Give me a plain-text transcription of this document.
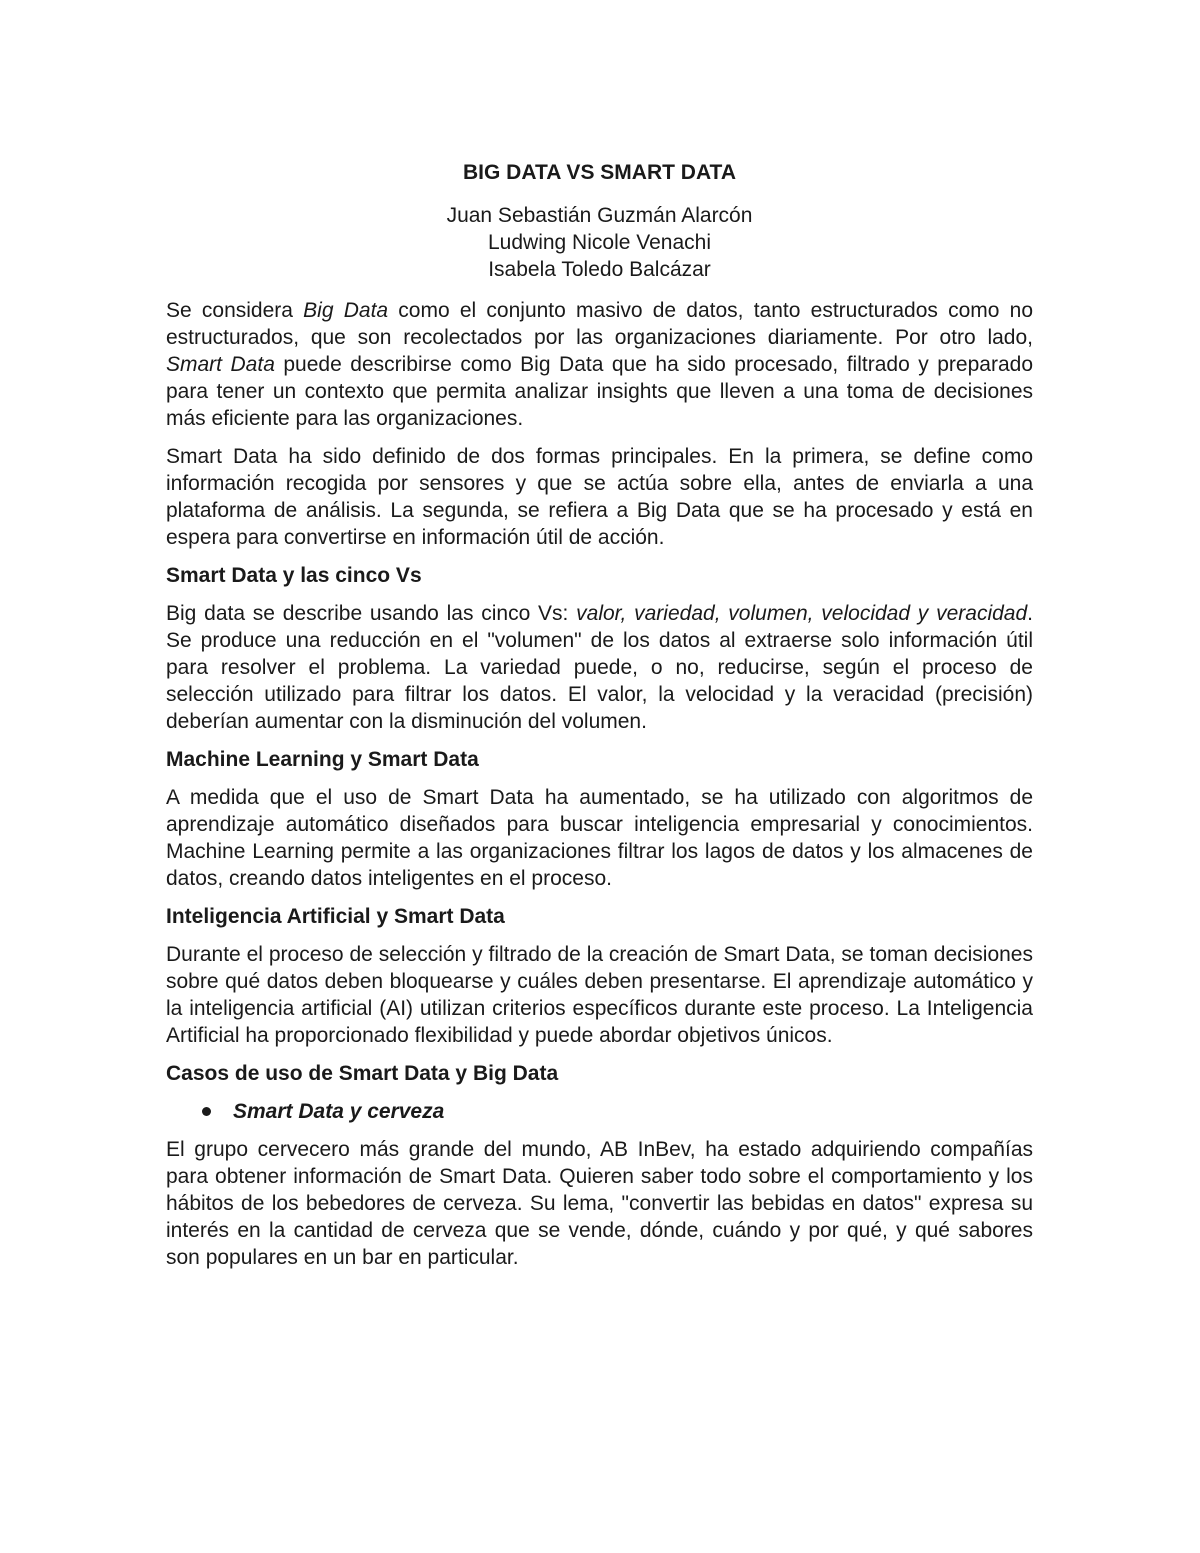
BIG DATA VS SMART DATA
Juan Sebastián Guzmán Alarcón
Ludwing Nicole Venachi
Isabela Toledo Balcázar

Se considera Big Data como el conjunto masivo de datos, tanto estructurados como no estructurados, que son recolectados por las organizaciones diariamente. Por otro lado, Smart Data puede describirse como Big Data que ha sido procesado, filtrado y preparado para tener un contexto que permita analizar insights que lleven a una toma de decisiones más eficiente para las organizaciones.

Smart Data ha sido definido de dos formas principales. En la primera, se define como información recogida por sensores y que se actúa sobre ella, antes de enviarla a una plataforma de análisis. La segunda, se refiera a Big Data que se ha procesado y está en espera para convertirse en información útil de acción.

Smart Data y las cinco Vs

Big data se describe usando las cinco Vs: valor, variedad, volumen, velocidad y veracidad. Se produce una reducción en el "volumen" de los datos al extraerse solo información útil para resolver el problema. La variedad puede, o no, reducirse, según el proceso de selección utilizado para filtrar los datos. El valor, la velocidad y la veracidad (precisión) deberían aumentar con la disminución del volumen.

Machine Learning y Smart Data

A medida que el uso de Smart Data ha aumentado, se ha utilizado con algoritmos de aprendizaje automático diseñados para buscar inteligencia empresarial y conocimientos. Machine Learning permite a las organizaciones filtrar los lagos de datos y los almacenes de datos, creando datos inteligentes en el proceso.

Inteligencia Artificial y Smart Data

Durante el proceso de selección y filtrado de la creación de Smart Data, se toman decisiones sobre qué datos deben bloquearse y cuáles deben presentarse. El aprendizaje automático y la inteligencia artificial (AI) utilizan criterios específicos durante este proceso. La Inteligencia Artificial ha proporcionado flexibilidad y puede abordar objetivos únicos.

Casos de uso de Smart Data y Big Data
Smart Data y cerveza

El grupo cervecero más grande del mundo, AB InBev, ha estado adquiriendo compañías para obtener información de Smart Data. Quieren saber todo sobre el comportamiento y los hábitos de los bebedores de cerveza. Su lema, "convertir las bebidas en datos" expresa su interés en la cantidad de cerveza que se vende, dónde, cuándo y por qué, y qué sabores son populares en un bar en particular.
